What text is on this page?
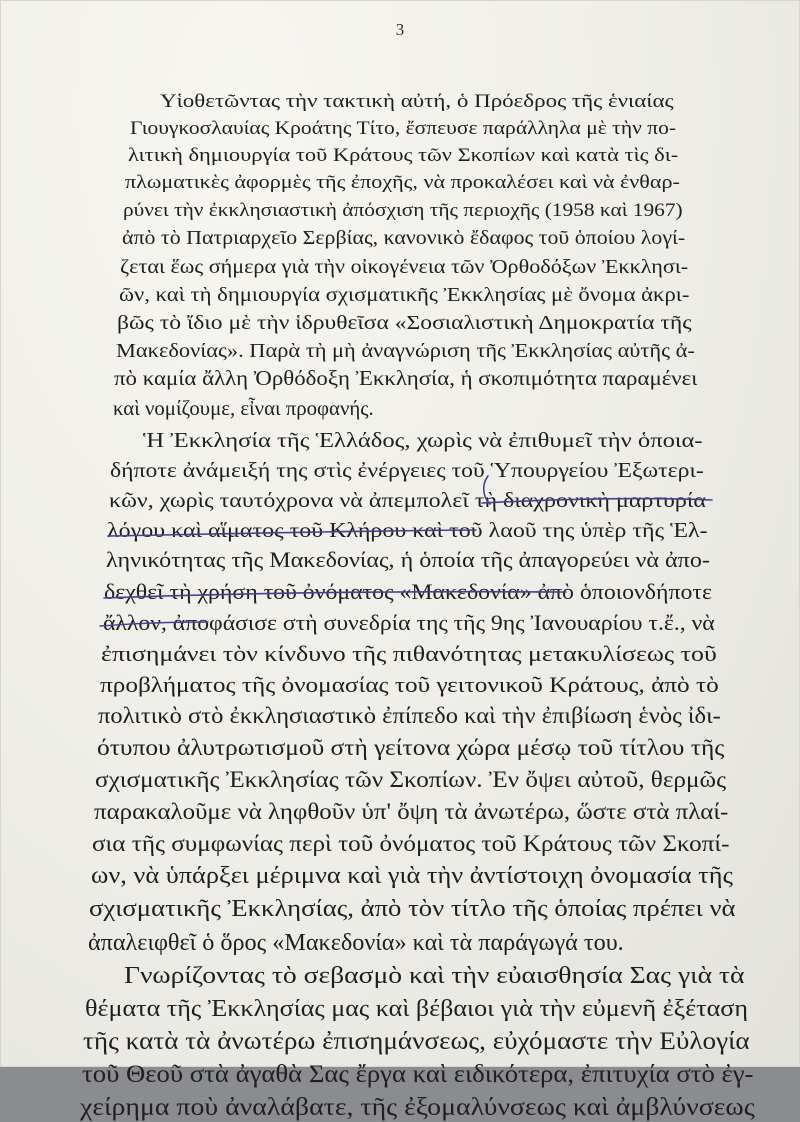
3
Υἱοθετῶντας τὴν τακτικὴ αὐτή, ὁ Πρόεδρος τῆς ἑνιαίας
Γιουγκοσλαυίας Κροάτης Τίτο, ἔσπευσε παράλληλα μὲ τὴν πο-
λιτικὴ δημιουργία τοῦ Κράτους τῶν Σκοπίων καὶ κατὰ τὶς δι-
πλωματικὲς ἀφορμὲς τῆς ἐποχῆς, νὰ προκαλέσει καὶ νὰ ἐνθαρ-
ρύνει τὴν ἐκκλησιαστικὴ ἀπόσχιση τῆς περιοχῆς (1958 καὶ 1967)
ἀπὸ τὸ Πατριαρχεῖο Σερβίας, κανονικὸ ἔδαφος τοῦ ὁποίου λογί-
ζεται ἕως σήμερα γιὰ τὴν οἰκογένεια τῶν Ὀρθοδόξων Ἐκκλησι-
ῶν, καὶ τὴ δημιουργία σχισματικῆς Ἐκκλησίας μὲ ὄνομα ἀκρι-
βῶς τὸ ἴδιο μὲ τὴν ἱδρυθεῖσα «Σοσιαλιστικὴ Δημοκρατία τῆς
Μακεδονίας». Παρὰ τὴ μὴ ἀναγνώριση τῆς Ἐκκλησίας αὐτῆς ἀ-
πὸ καμία ἄλλη Ὀρθόδοξη Ἐκκλησία, ἡ σκοπιμότητα παραμένει
καὶ νομίζουμε, εἶναι προφανής.
Ἡ Ἐκκλησία τῆς Ἑλλάδος, χωρὶς νὰ ἐπιθυμεῖ τὴν ὁποια-
δήποτε ἀνάμειξή της στὶς ἐνέργειες τοῦ Ὑπουργείου Ἐξωτερι-
κῶν, χωρὶς ταυτόχρονα νὰ ἀπεμπολεῖ τὴ διαχρονικὴ μαρτυρία
λόγου καὶ αἵματος τοῦ Κλήρου καὶ τοῦ λαοῦ της ὑπὲρ τῆς Ἑλ-
ληνικότητας τῆς Μακεδονίας, ἡ ὁποία τῆς ἀπαγορεύει νὰ ἀπο-
δεχθεῖ τὴ χρήση τοῦ ὀνόματος «Μακεδονία» ἀπὸ ὁποιονδήποτε
ἄλλον, ἀποφάσισε στὴ συνεδρία της τῆς 9ης Ἰανουαρίου τ.ἔ., νὰ
ἐπισημάνει τὸν κίνδυνο τῆς πιθανότητας μετακυλίσεως τοῦ
προβλήματος τῆς ὀνομασίας τοῦ γειτονικοῦ Κράτους, ἀπὸ τὸ
πολιτικὸ στὸ ἐκκλησιαστικὸ ἐπίπεδο καὶ τὴν ἐπιβίωση ἑνὸς ἰδι-
ότυπου ἀλυτρωτισμοῦ στὴ γείτονα χώρα μέσῳ τοῦ τίτλου τῆς
σχισματικῆς Ἐκκλησίας τῶν Σκοπίων. Ἐν ὄψει αὐτοῦ, θερμῶς
παρακαλοῦμε νὰ ληφθοῦν ὑπ' ὄψη τὰ ἀνωτέρω, ὥστε στὰ πλαί-
σια τῆς συμφωνίας περὶ τοῦ ὀνόματος τοῦ Κράτους τῶν Σκοπί-
ων, νὰ ὑπάρξει μέριμνα καὶ γιὰ τὴν ἀντίστοιχη ὀνομασία τῆς
σχισματικῆς Ἐκκλησίας, ἀπὸ τὸν τίτλο τῆς ὁποίας πρέπει νὰ
ἀπαλειφθεῖ ὁ ὅρος «Μακεδονία» καὶ τὰ παράγωγά του.
Γνωρίζοντας τὸ σεβασμὸ καὶ τὴν εὐαισθησία Σας γιὰ τὰ
θέματα τῆς Ἐκκλησίας μας καὶ βέβαιοι γιὰ τὴν εὐμενῆ ἐξέταση
τῆς κατὰ τὰ ἀνωτέρω ἐπισημάνσεως, εὐχόμαστε τὴν Εὐλογία
τοῦ Θεοῦ στὰ ἀγαθὰ Σας ἔργα καὶ ειδικότερα, ἐπιτυχία στὸ ἐγ-
χείρημα ποὺ ἀναλάβατε, τῆς ἐξομαλύνσεως καὶ ἀμβλύνσεως
